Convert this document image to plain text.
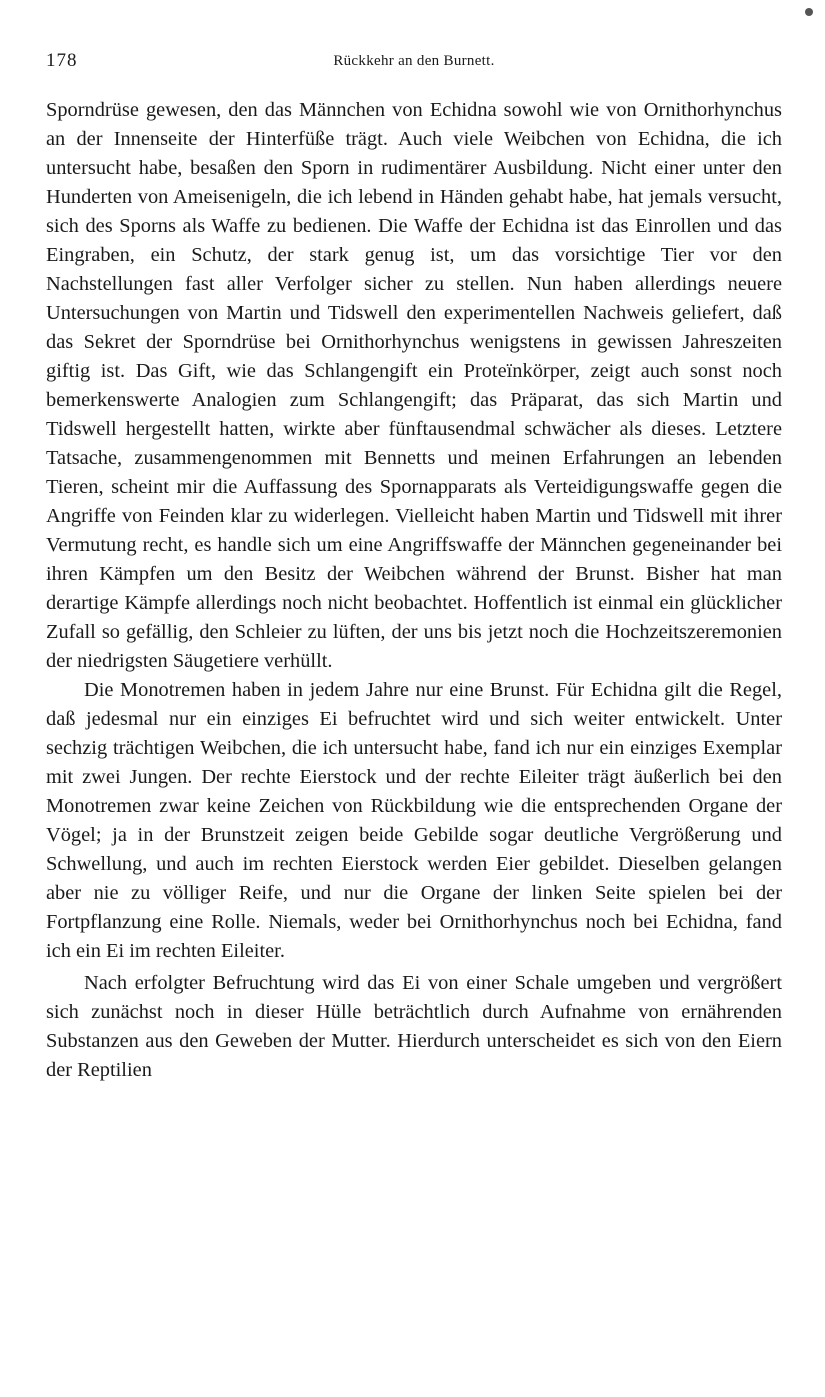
178	Rückkehr an den Burnett.

Sporndrüse gewesen, den das Männchen von Echidna sowohl wie von Ornithorhynchus an der Innenseite der Hinterfüße trägt. Auch viele Weibchen von Echidna, die ich untersucht habe, besaßen den Sporn in rudimentärer Ausbildung. Nicht einer unter den Hunderten von Ameisenigeln, die ich lebend in Händen gehabt habe, hat jemals versucht, sich des Sporns als Waffe zu bedienen. Die Waffe der Echidna ist das Einrollen und das Eingraben, ein Schutz, der stark genug ist, um das vorsichtige Tier vor den Nachstellungen fast aller Verfolger sicher zu stellen. Nun haben allerdings neuere Untersuchungen von Martin und Tidswell den experimentellen Nachweis geliefert, daß das Sekret der Sporndrüse bei Ornithorhynchus wenigstens in gewissen Jahreszeiten giftig ist. Das Gift, wie das Schlangengift ein Proteïnkörper, zeigt auch sonst noch bemerkenswerte Analogien zum Schlangengift; das Präparat, das sich Martin und Tidswell hergestellt hatten, wirkte aber fünftausendmal schwächer als dieses. Letztere Tatsache, zusammengenommen mit Bennetts und meinen Erfahrungen an lebenden Tieren, scheint mir die Auffassung des Spornapparats als Verteidigungswaffe gegen die Angriffe von Feinden klar zu widerlegen. Vielleicht haben Martin und Tidswell mit ihrer Vermutung recht, es handle sich um eine Angriffswaffe der Männchen gegeneinander bei ihren Kämpfen um den Besitz der Weibchen während der Brunst. Bisher hat man derartige Kämpfe allerdings noch nicht beobachtet. Hoffentlich ist einmal ein glücklicher Zufall so gefällig, den Schleier zu lüften, der uns bis jetzt noch die Hochzeitszeremonien der niedrigsten Säugetiere verhüllt.

Die Monotremen haben in jedem Jahre nur eine Brunst. Für Echidna gilt die Regel, daß jedesmal nur ein einziges Ei befruchtet wird und sich weiter entwickelt. Unter sechzig trächtigen Weibchen, die ich untersucht habe, fand ich nur ein einziges Exemplar mit zwei Jungen. Der rechte Eierstock und der rechte Eileiter trägt äußerlich bei den Monotremen zwar keine Zeichen von Rückbildung wie die entsprechenden Organe der Vögel; ja in der Brunstzeit zeigen beide Gebilde sogar deutliche Vergrößerung und Schwellung, und auch im rechten Eierstock werden Eier gebildet. Dieselben gelangen aber nie zu völliger Reife, und nur die Organe der linken Seite spielen bei der Fortpflanzung eine Rolle. Niemals, weder bei Ornithorhynchus noch bei Echidna, fand ich ein Ei im rechten Eileiter.

Nach erfolgter Befruchtung wird das Ei von einer Schale umgeben und vergrößert sich zunächst noch in dieser Hülle beträchtlich durch Aufnahme von ernährenden Substanzen aus den Geweben der Mutter. Hierdurch unterscheidet es sich von den Eiern der Reptilien
